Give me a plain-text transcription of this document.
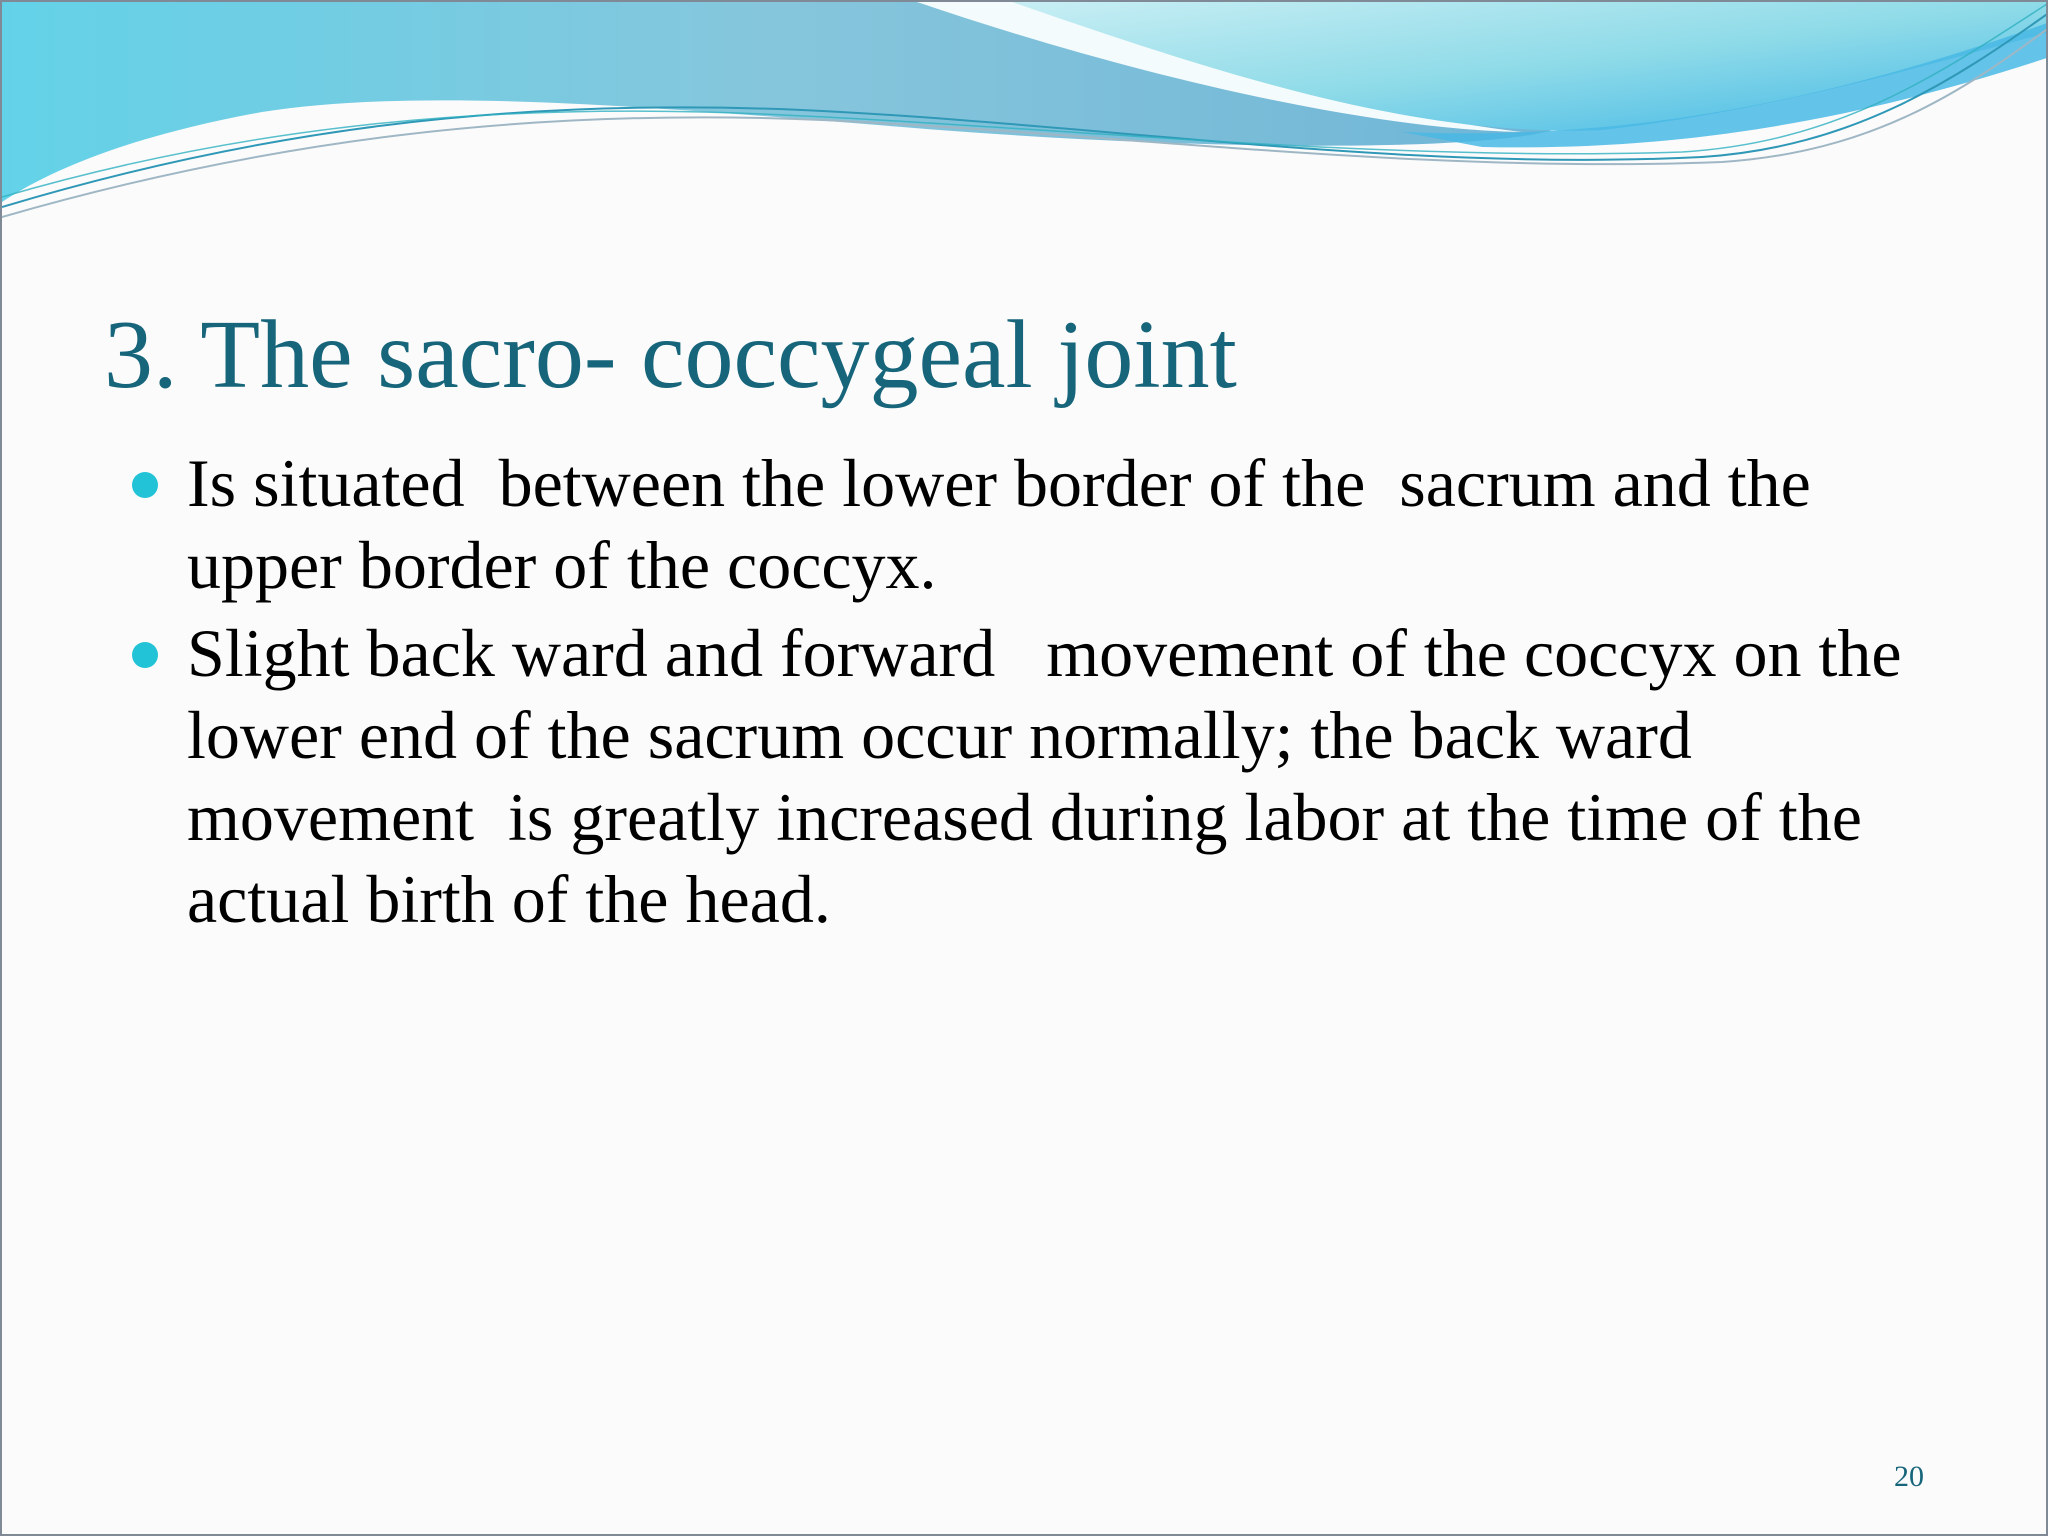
3. The sacro- coccygeal joint
Is situated  between the lower border of the  sacrum and the  upper border of the coccyx.
Slight back ward and forward   movement of the coccyx on the  lower end of the sacrum occur normally; the back ward movement  is greatly increased during labor at the time of the actual birth of the head.
20
